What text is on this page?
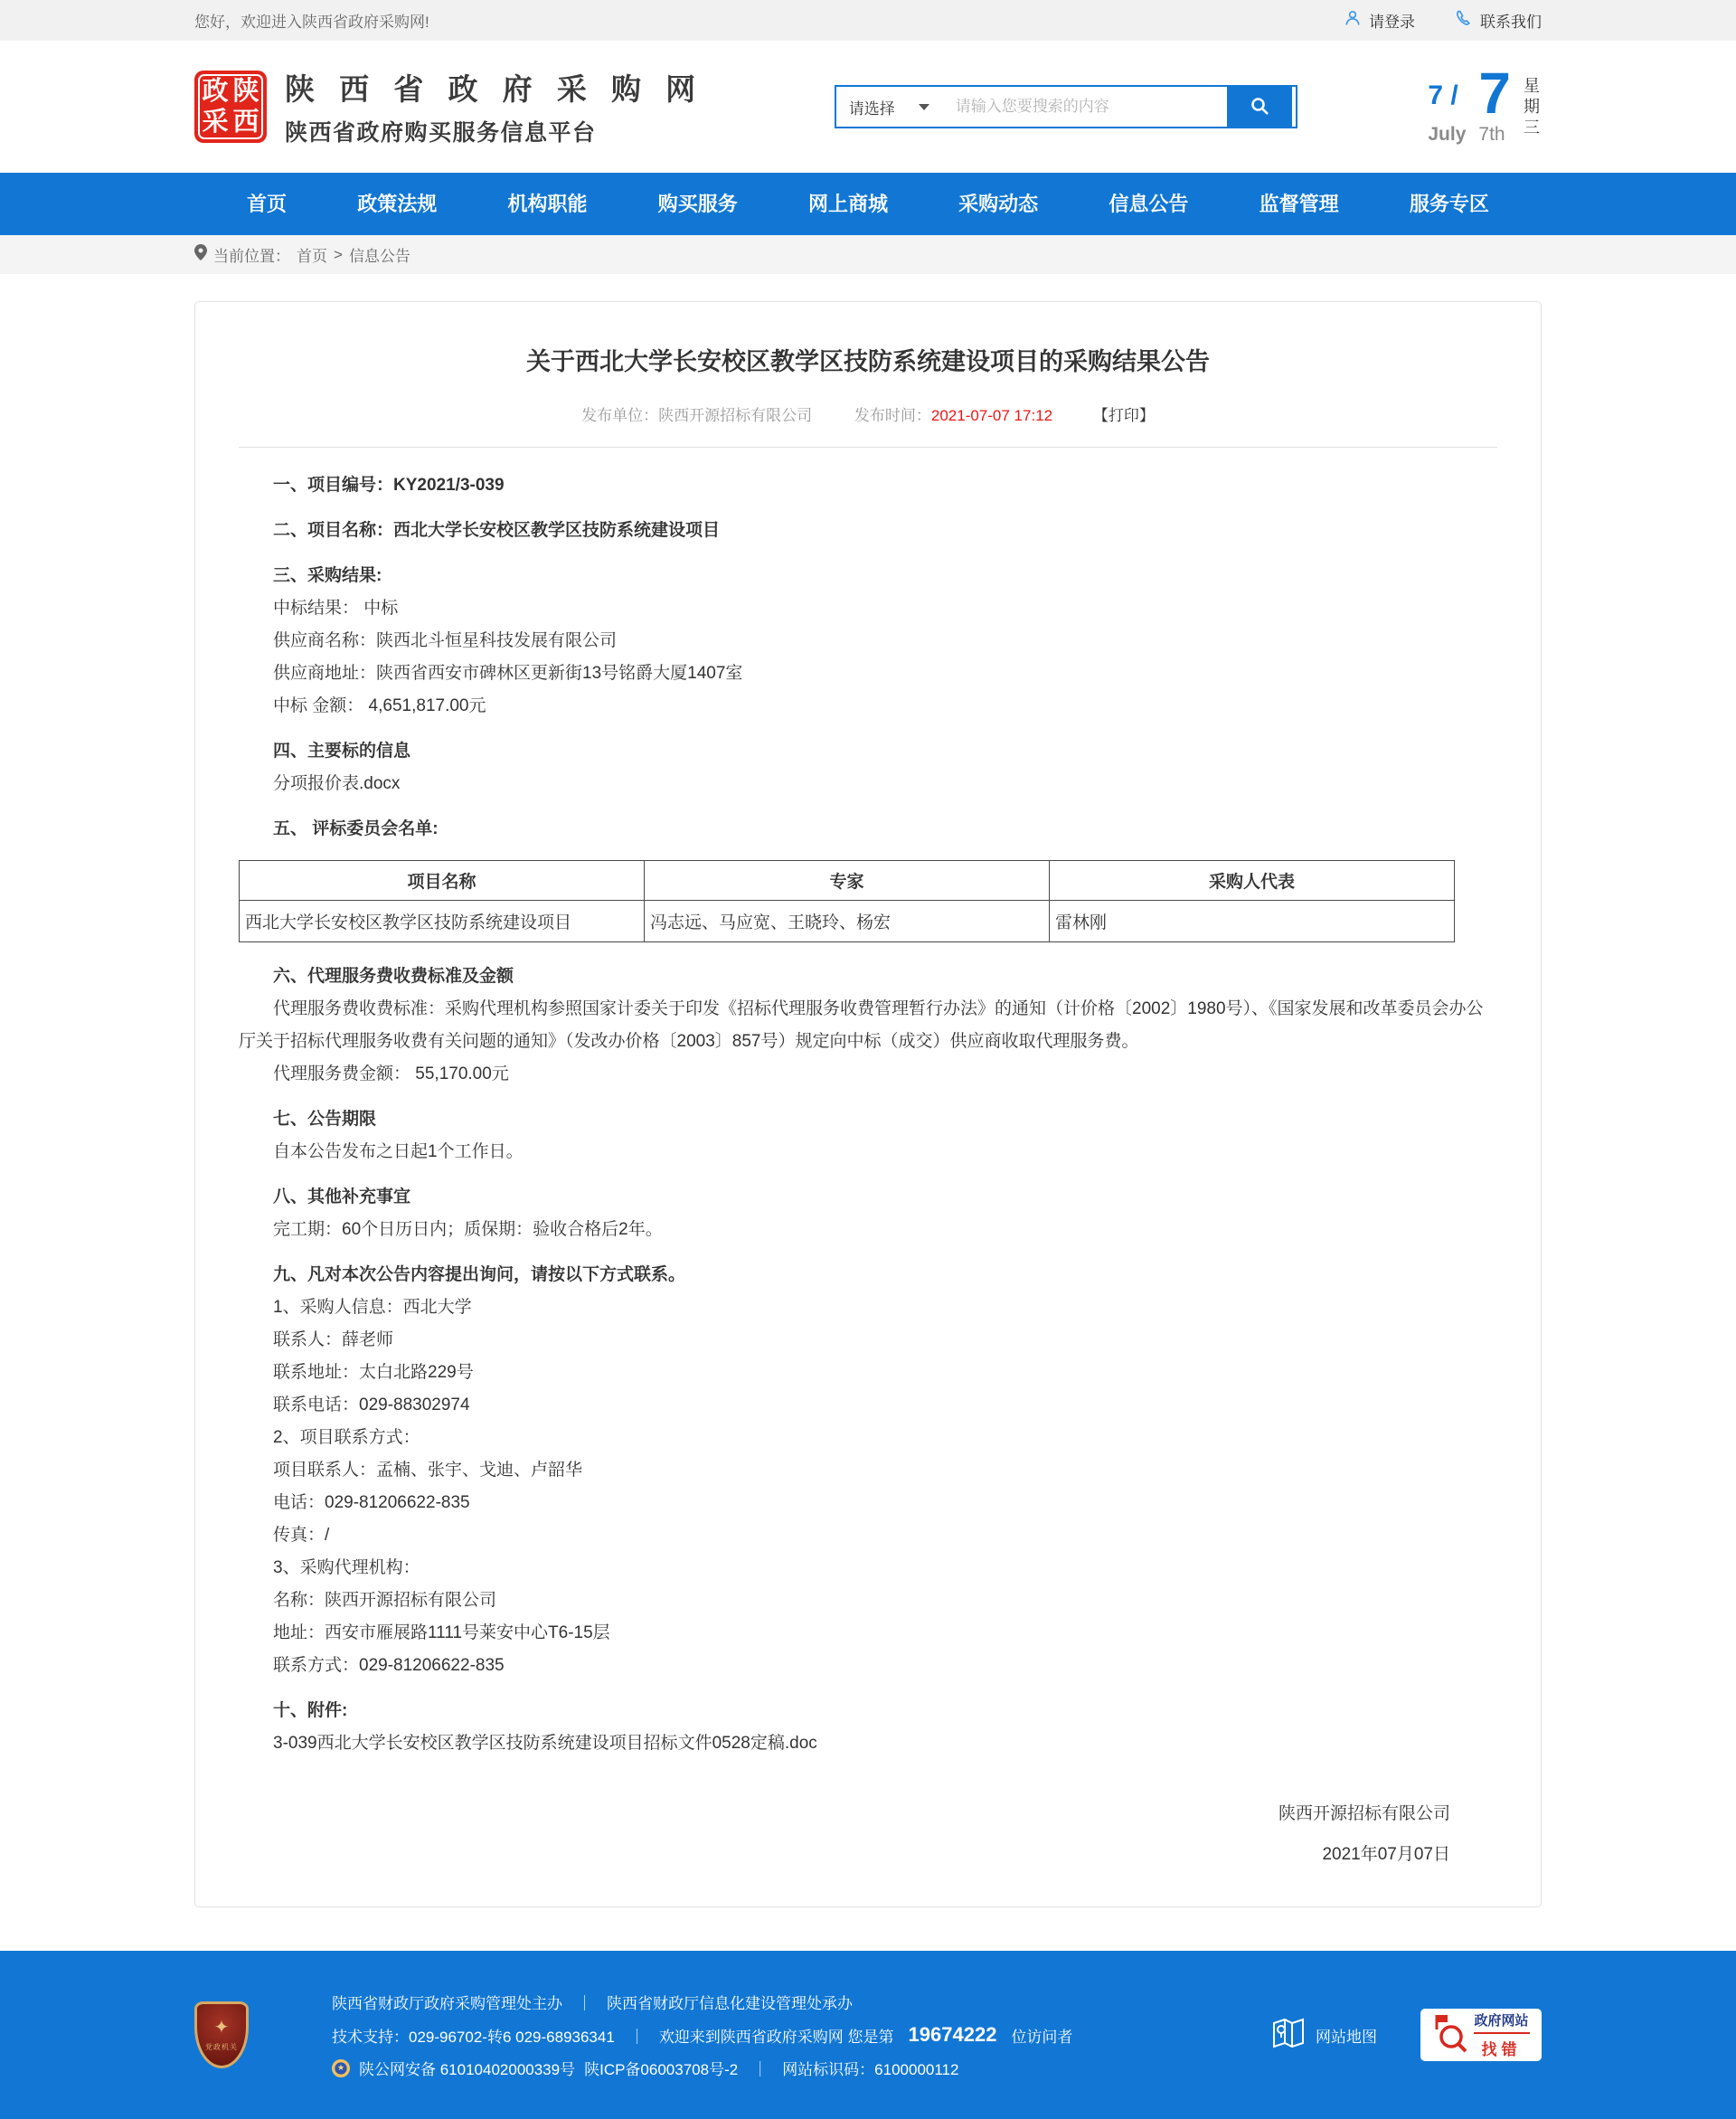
您好，欢迎进入陕西省政府采购网!	请登录	联系我们
政 陕
采 西
陕 西 省 政 府 采 购 网
陕西省政府购买服务信息平台
请选择
请输入您要搜索的内容	7 / 7 星期三
July 7th
首页	政策法规	机构职能	购买服务	网上商城	采购动态	信息公告	监督管理	服务专区
当前位置： 首页 > 信息公告
关于西北大学长安校区教学区技防系统建设项目的采购结果公告
发布单位：陕西开源招标有限公司	发布时间：2021-07-07 17:12	【打印】

一、项目编号：KY2021/3-039

二、项目名称：西北大学长安校区教学区技防系统建设项目

三、采购结果:

中标结果： 中标

供应商名称：陕西北斗恒星科技发展有限公司

供应商地址：陕西省西安市碑林区更新街13号铭爵大厦1407室

中标 金额： 4,651,817.00元

四、主要标的信息

分项报价表.docx

五、 评标委员会名单:

项目名称	专家	采购人代表
西北大学长安校区教学区技防系统建设项目	冯志远、马应宽、王晓玲、杨宏	雷林刚

六、代理服务费收费标准及金额

代理服务费收费标准：采购代理机构参照国家计委关于印发《招标代理服务收费管理暂行办法》的通知（计价格〔2002〕1980号）、《国家发展和改革委员会办公厅关于招标代理服务收费有关问题的通知》（发改办价格〔2003〕857号）规定向中标（成交）供应商收取代理服务费。

代理服务费金额： 55,170.00元

七、公告期限

自本公告发布之日起1个工作日。

八、其他补充事宜

完工期：60个日历日内；质保期：验收合格后2年。

九、凡对本次公告内容提出询问，请按以下方式联系。

1、采购人信息：西北大学

联系人：薛老师

联系地址：太白北路229号

联系电话：029-88302974

2、项目联系方式：

项目联系人：孟楠、张宇、戈迪、卢韶华

电话：029-81206622-835

传真：/

3、采购代理机构：

名称：陕西开源招标有限公司

地址：西安市雁展路1111号莱安中心T6-15层

联系方式：029-81206622-835

十、附件:

3-039西北大学长安校区教学区技防系统建设项目招标文件0528定稿.doc

陕西开源招标有限公司
2021年07月07日
✦
党政机关
陕西省财政厅政府采购管理处主办 ｜ 陕西省财政厅信息化建设管理处承办
技术支持：029-96702-转6 029-68936341 ｜ 欢迎来到陕西省政府采购网 您是第 19674222 位访问者
★ 陕公网安备 61010402000339号 陕ICP备06003708号-2 ｜ 网站标识码：6100000112
网站地图
政府网站
找错
